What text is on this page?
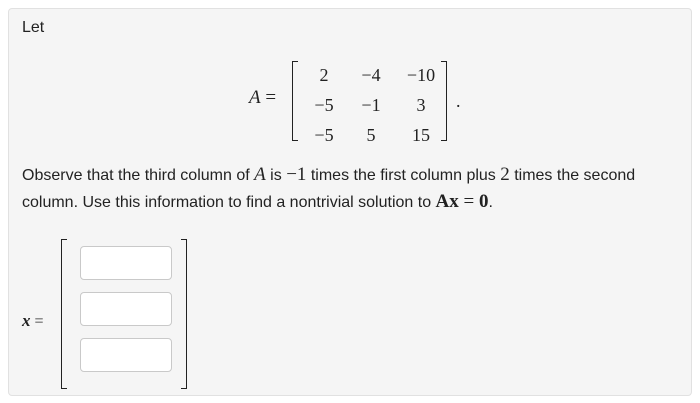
Let
A =
2	−4	−10
−5	−1	3
−5	5	15
.
Observe that the third column of A is −1 times the first column plus 2 times the second column. Use this information to find a nontrivial solution to Ax = 0.
x =
